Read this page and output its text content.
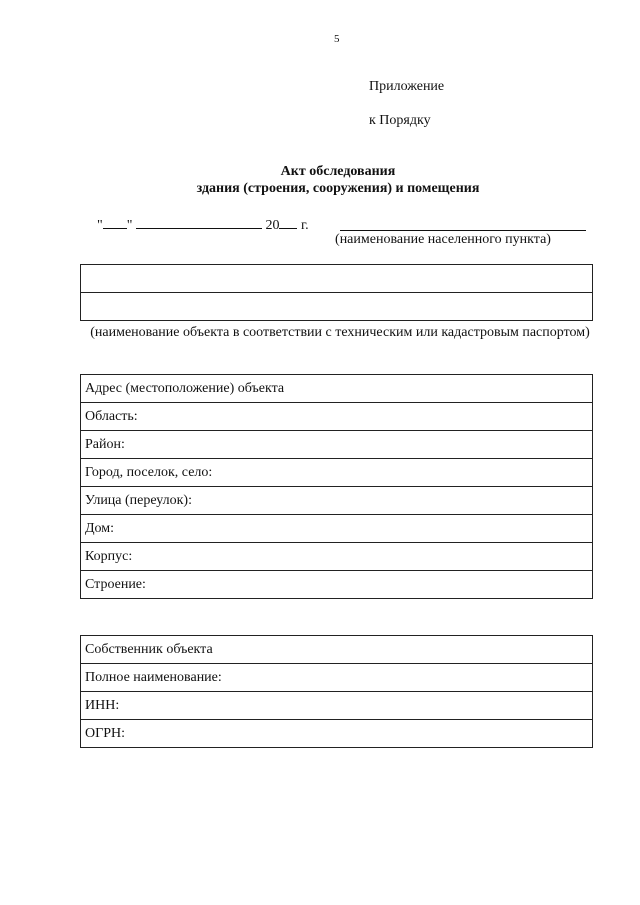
5
Приложение
к Порядку
Акт обследования
здания (строения, сооружения) и помещения
" "	20 г.
(наименование населенного пункта)

(наименование объекта в соответствии с техническим или кадастровым паспортом)
Адрес (местоположение) объекта
Область:
Район:
Город, поселок, село:
Улица (переулок):
Дом:
Корпус:
Строение:
Собственник объекта
Полное наименование:
ИНН:
ОГРН:
